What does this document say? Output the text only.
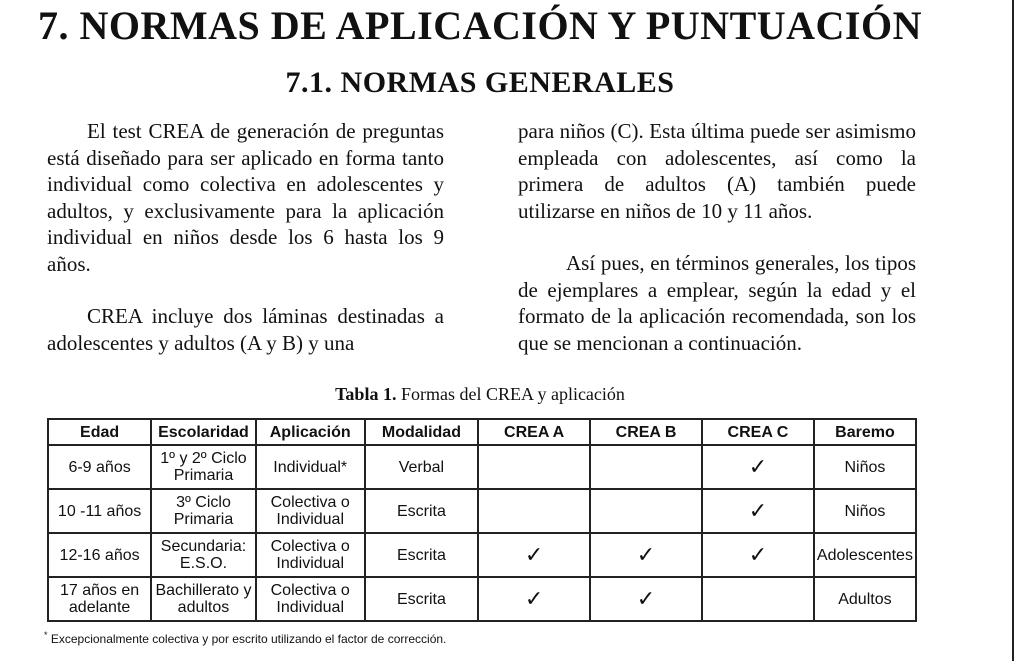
7. NORMAS DE APLICACIÓN Y PUNTUACIÓN
7.1. NORMAS GENERALES

El test CREA de generación de preguntas está diseñado para ser aplicado en forma tanto individual como colectiva en adolescentes y adultos, y exclusivamente para la aplicación individual en niños desde los 6 hasta los 9 años.

CREA incluye dos láminas destinadas a adolescentes y adultos (A y B) y una

para niños (C). Esta última puede ser asimismo empleada con adolescentes, así como la primera de adultos (A) también puede utilizarse en niños de 10 y 11 años.

Así pues, en términos generales, los tipos de ejemplares a emplear, según la edad y el formato de la aplicación recomendada, son los que se mencionan a continuación.

Tabla 1. Formas del CREA y aplicación
Edad	Escolaridad	Aplicación	Modalidad	CREA A	CREA B	CREA C	Baremo
6-9 años	1º y 2º Ciclo Primaria	Individual*	Verbal			✓	Niños
10 -11 años	3º Ciclo Primaria	Colectiva o Individual	Escrita			✓	Niños
12-16 años	Secundaria: E.S.O.	Colectiva o Individual	Escrita	✓	✓	✓	Adolescentes
17 años en adelante	Bachillerato y adultos	Colectiva o Individual	Escrita	✓	✓		Adultos
* Excepcionalmente colectiva y por escrito utilizando el factor de corrección.
